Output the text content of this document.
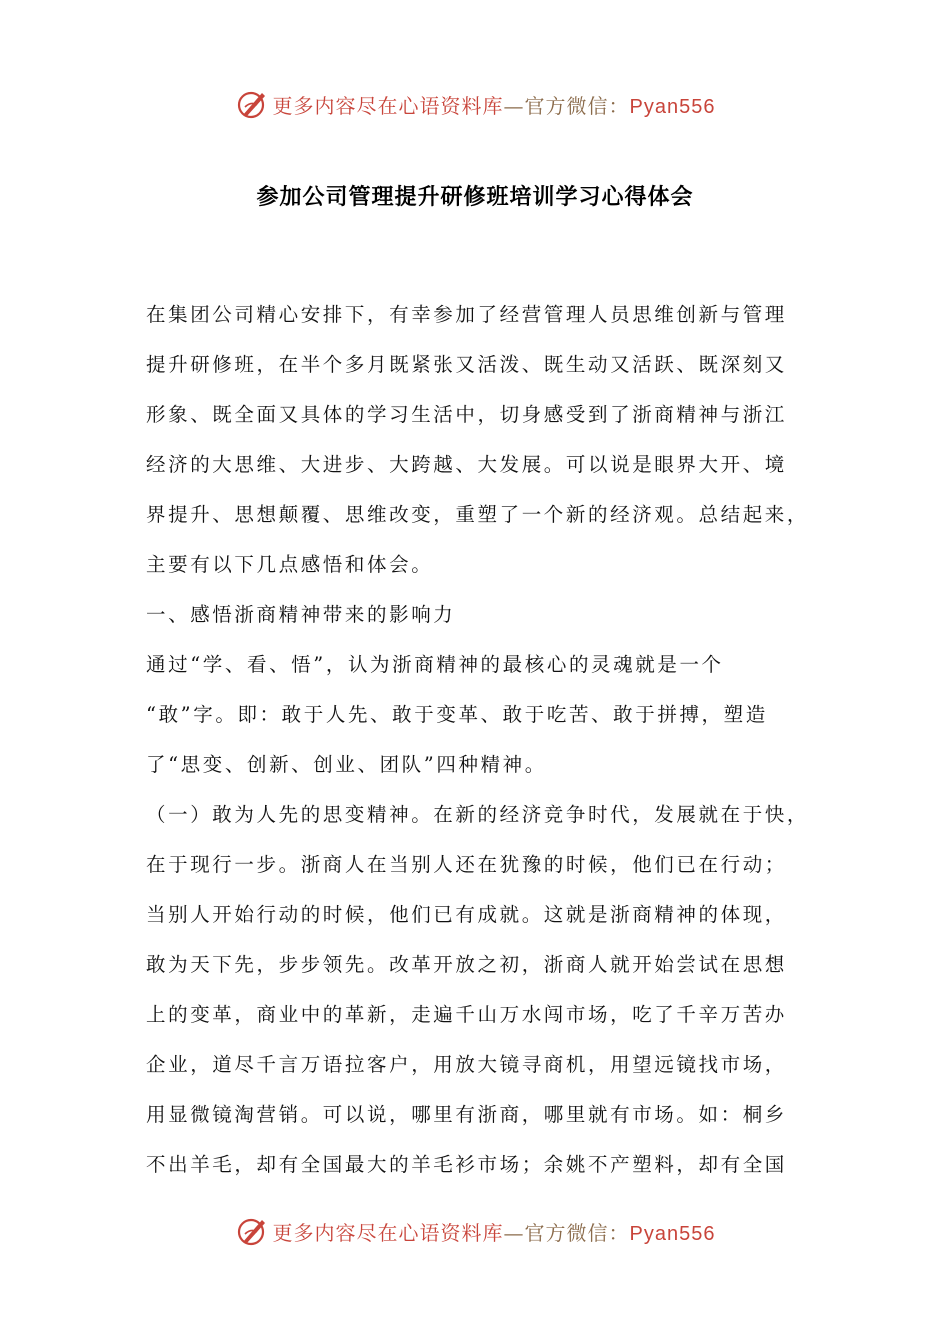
更多内容尽在心语资料库 — 官方微信： Pyan556
参加公司管理提升研修班培训学习心得体会
在集团公司精心安排下，有幸参加了经营管理人员思维创新与管理
提升研修班，在半个多月既紧张又活泼、既生动又活跃、既深刻又
形象、既全面又具体的学习生活中，切身感受到了浙商精神与浙江
经济的大思维、大进步、大跨越、大发展。可以说是眼界大开、境
界提升、思想颠覆、思维改变，重塑了一个新的经济观。总结起来，
主要有以下几点感悟和体会。
一、感悟浙商精神带来的影响力
通过“学、看、悟”，认为浙商精神的最核心的灵魂就是一个
“敢”字。即：敢于人先、敢于变革、敢于吃苦、敢于拼搏，塑造
了“思变、创新、创业、团队”四种精神。
（一）敢为人先的思变精神。在新的经济竞争时代，发展就在于快，
在于现行一步。浙商人在当别人还在犹豫的时候，他们已在行动；
当别人开始行动的时候，他们已有成就。这就是浙商精神的体现，
敢为天下先，步步领先。改革开放之初，浙商人就开始尝试在思想
上的变革，商业中的革新，走遍千山万水闯市场，吃了千辛万苦办
企业，道尽千言万语拉客户，用放大镜寻商机，用望远镜找市场，
用显微镜淘营销。可以说，哪里有浙商，哪里就有市场。如：桐乡
不出羊毛，却有全国最大的羊毛衫市场；余姚不产塑料，却有全国
更多内容尽在心语资料库 — 官方微信： Pyan556
